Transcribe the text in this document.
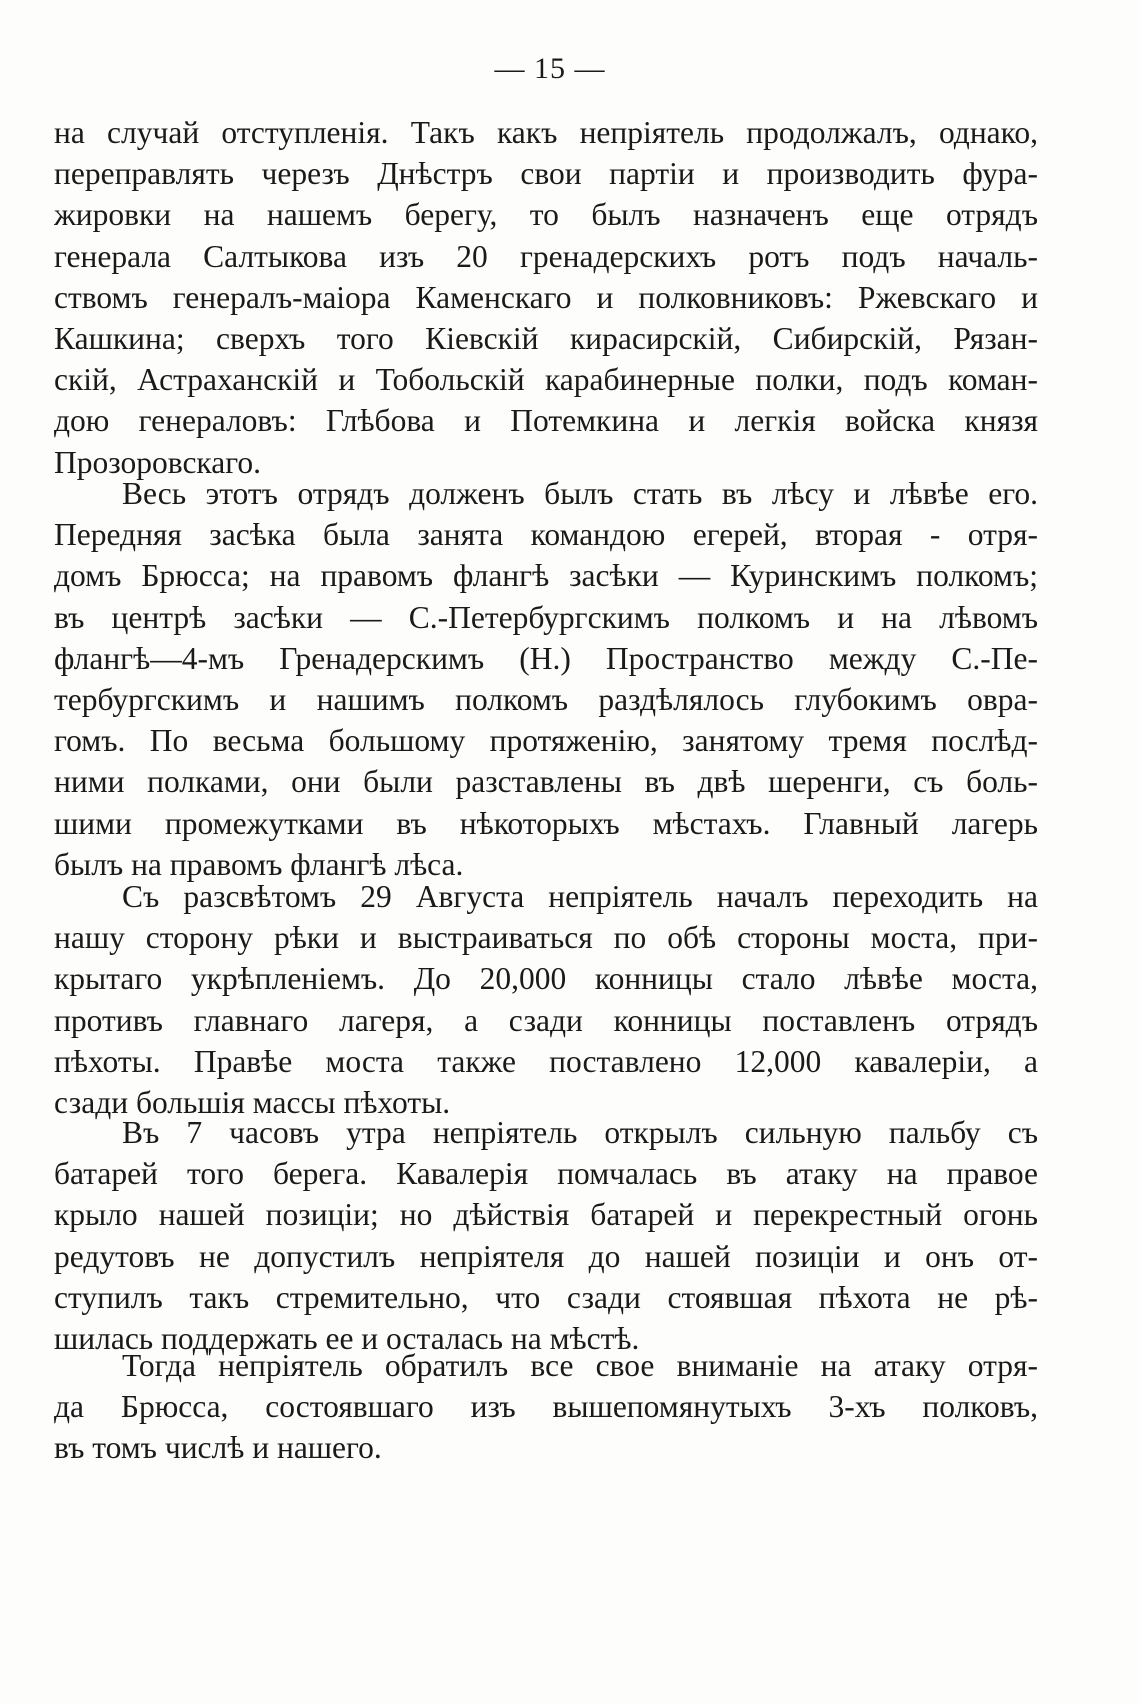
— 15 —
на случай отступленія. Такъ какъ непріятель продолжалъ, однако,
переправлять черезъ Днѣстръ свои партіи и производить фура-
жировки на нашемъ берегу, то былъ назначенъ еще отрядъ
генерала Салтыкова изъ 20 гренадерскихъ ротъ подъ началь-
ствомъ генералъ-маіора Каменскаго и полковниковъ: Ржевскаго и
Кашкина; сверхъ того Кіевскій кирасирскій, Сибирскій, Рязан-
скій, Астраханскій и Тобольскій карабинерные полки, подъ коман-
дою генераловъ: Глѣбова и Потемкина и легкія войска князя
Прозоровскаго.
Весь этотъ отрядъ долженъ былъ стать въ лѣсу и лѣвѣе его.
Передняя засѣка была занята командою егерей, вторая - отря-
домъ Брюсса; на правомъ флангѣ засѣки — Куринскимъ полкомъ;
въ центрѣ засѣки — С.-Петербургскимъ полкомъ и на лѣвомъ
флангѣ—4-мъ Гренадерскимъ (Н.) Пространство между С.-Пе-
тербургскимъ и нашимъ полкомъ раздѣлялось глубокимъ овра-
гомъ. По весьма большому протяженію, занятому тремя послѣд-
ними полками, они были разставлены въ двѣ шеренги, съ боль-
шими промежутками въ нѣкоторыхъ мѣстахъ. Главный лагерь
былъ на правомъ флангѣ лѣса.
Съ разсвѣтомъ 29 Августа непріятель началъ переходить на
нашу сторону рѣки и выстраиваться по обѣ стороны моста, при-
крытаго укрѣпленіемъ. До 20,000 конницы стало лѣвѣе моста,
противъ главнаго лагеря, а сзади конницы поставленъ отрядъ
пѣхоты. Правѣе моста также поставлено 12,000 кавалеріи, а
сзади большія массы пѣхоты.
Въ 7 часовъ утра непріятель открылъ сильную пальбу съ
батарей того берега. Кавалерія помчалась въ атаку на правое
крыло нашей позиціи; но дѣйствія батарей и перекрестный огонь
редутовъ не допустилъ непріятеля до нашей позиціи и онъ от-
ступилъ такъ стремительно, что сзади стоявшая пѣхота не рѣ-
шилась поддержать ее и осталась на мѣстѣ.
Тогда непріятель обратилъ все свое вниманіе на атаку отря-
да Брюсса, состоявшаго изъ вышепомянутыхъ 3-хъ полковъ,
въ томъ числѣ и нашего.
